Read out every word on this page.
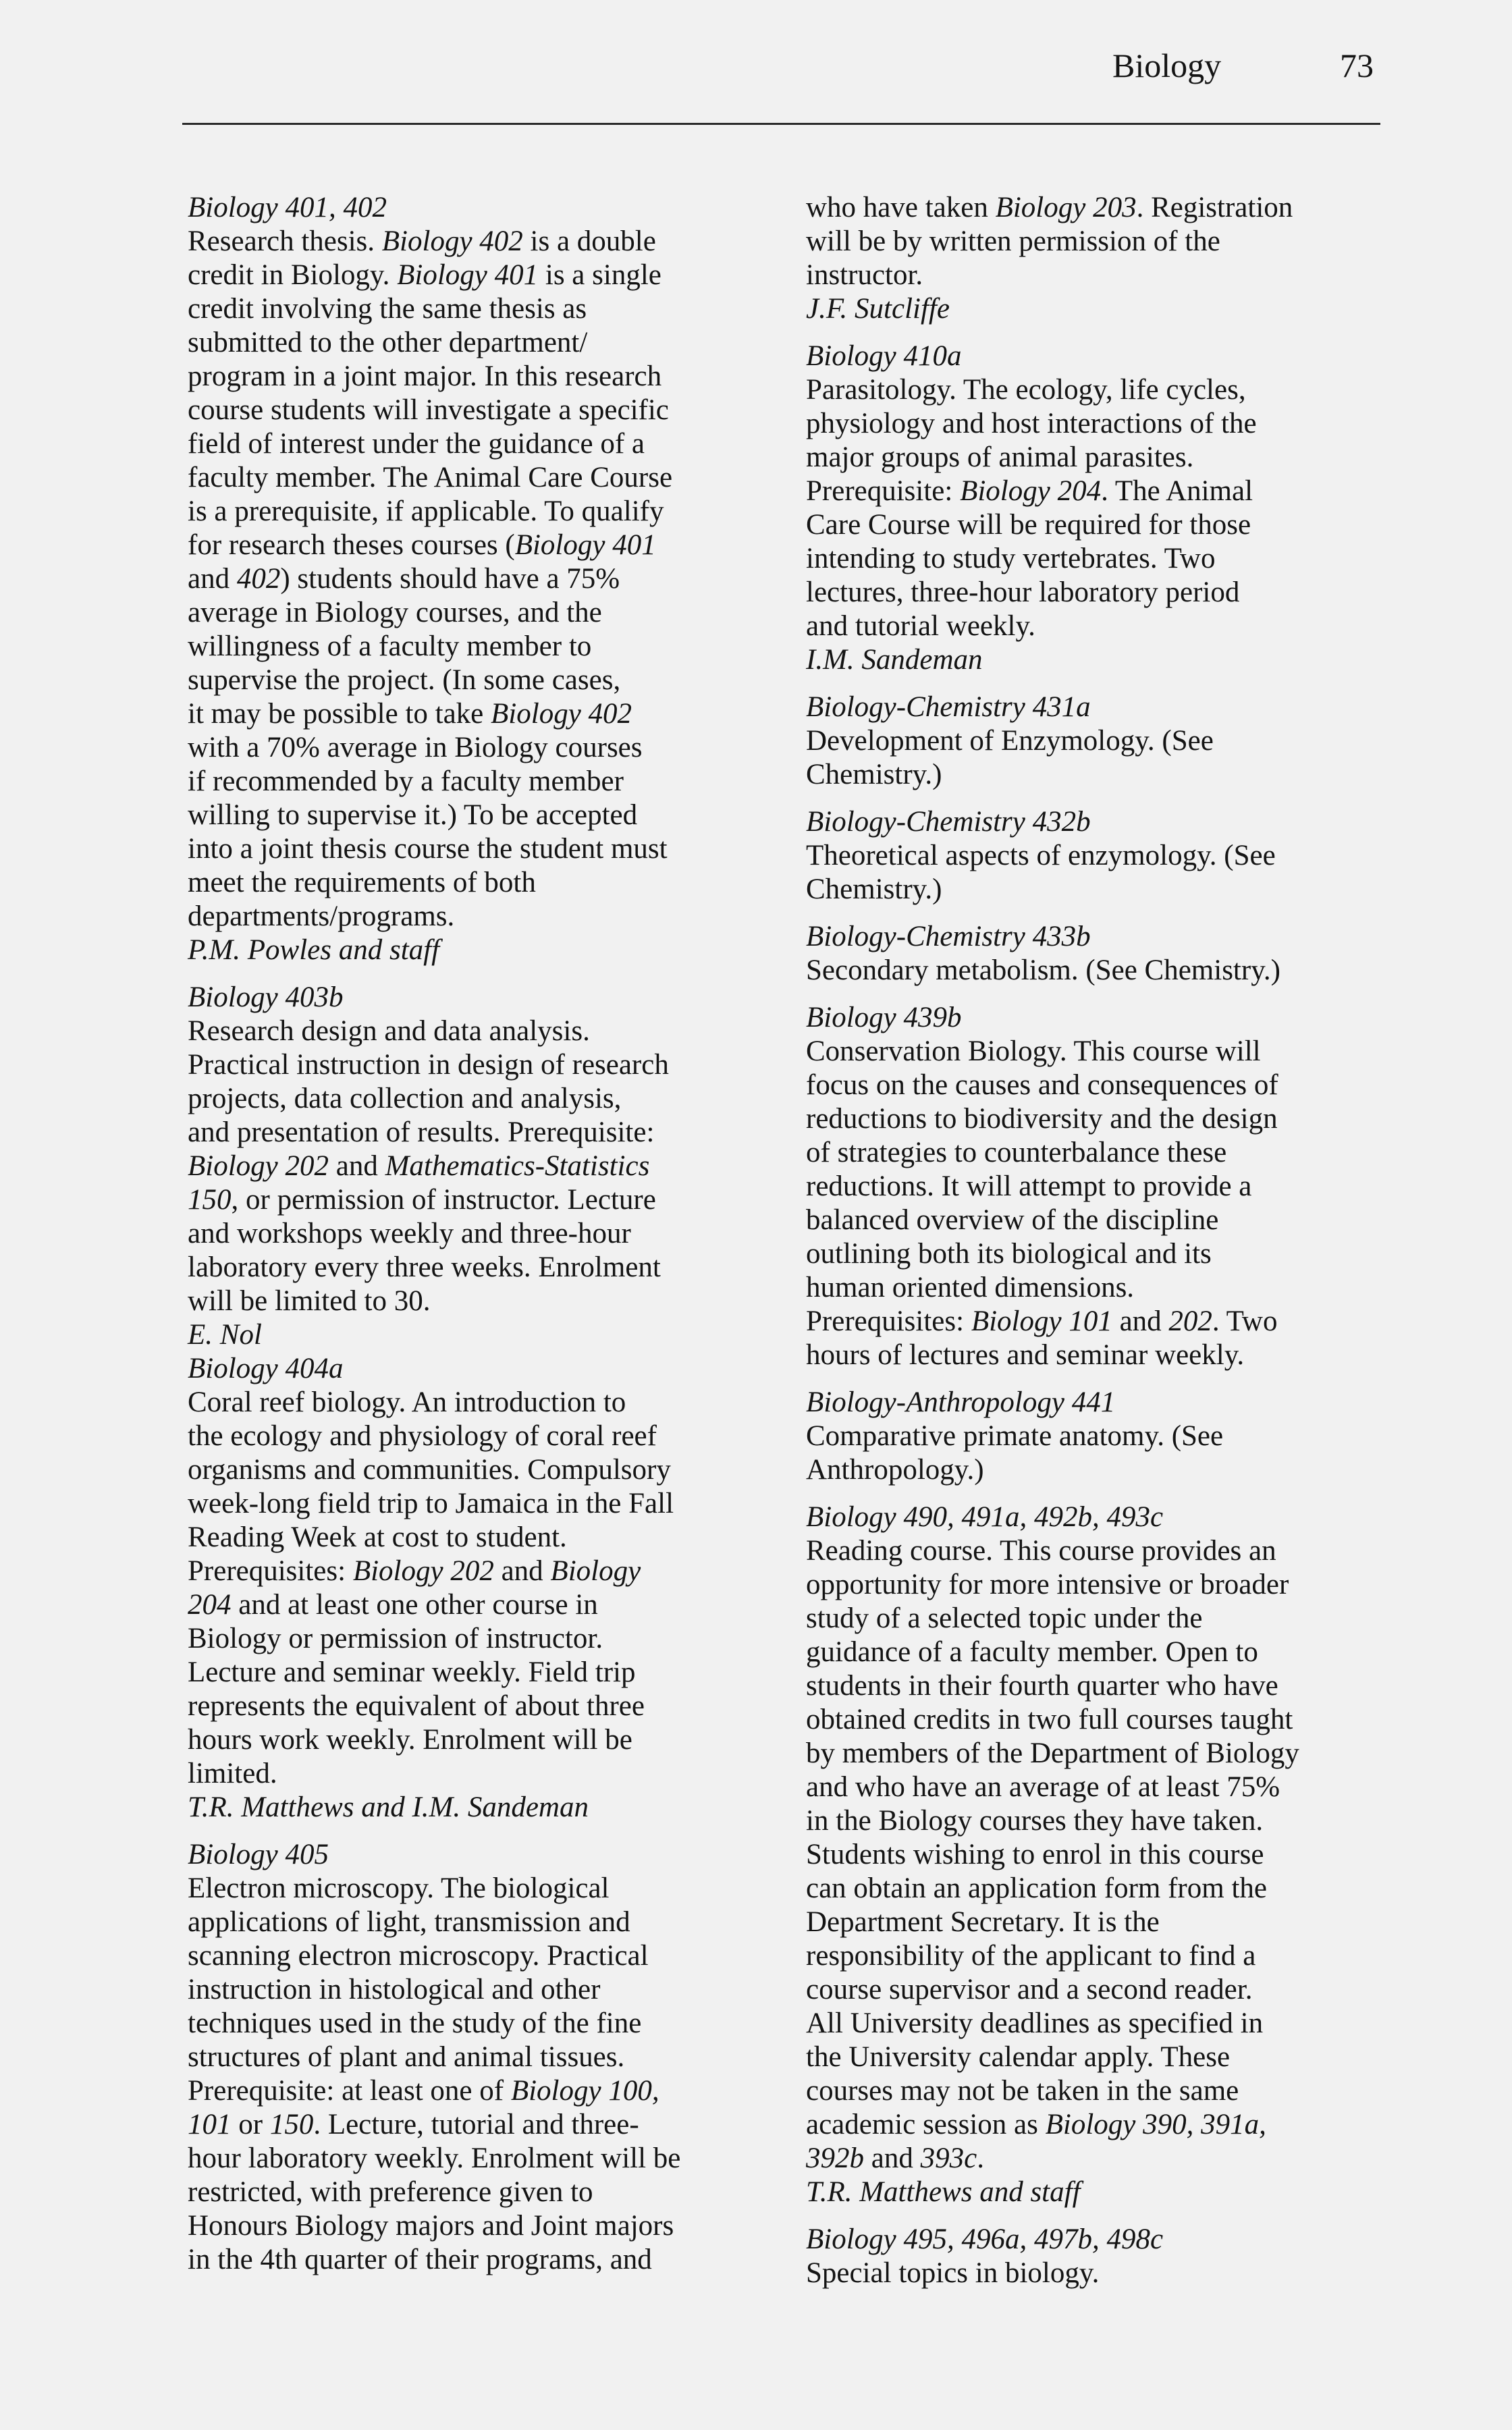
Biology	73
Biology 401, 402

Research thesis. Biology 402 is a double

credit in Biology. Biology 401 is a single

credit involving the same thesis as

submitted to the other department/

program in a joint major. In this research

course students will investigate a specific

field of interest under the guidance of a

faculty member. The Animal Care Course

is a prerequisite, if applicable. To qualify

for research theses courses (Biology 401

and 402) students should have a 75%

average in Biology courses, and the

willingness of a faculty member to

supervise the project. (In some cases,

it may be possible to take Biology 402

with a 70% average in Biology courses

if recommended by a faculty member

willing to supervise it.) To be accepted

into a joint thesis course the student must

meet the requirements of both

departments/programs.

P.M. Powles and staff
Biology 403b

Research design and data analysis.

Practical instruction in design of research

projects, data collection and analysis,

and presentation of results. Prerequisite:

Biology 202 and Mathematics-Statistics

150, or permission of instructor. Lecture

and workshops weekly and three-hour

laboratory every three weeks. Enrolment

will be limited to 30.

E. Nol
Biology 404a

Coral reef biology. An introduction to

the ecology and physiology of coral reef

organisms and communities. Compulsory

week-long field trip to Jamaica in the Fall

Reading Week at cost to student.

Prerequisites: Biology 202 and Biology

204 and at least one other course in

Biology or permission of instructor.

Lecture and seminar weekly. Field trip

represents the equivalent of about three

hours work weekly. Enrolment will be

limited.

T.R. Matthews and I.M. Sandeman
Biology 405

Electron microscopy. The biological

applications of light, transmission and

scanning electron microscopy. Practical

instruction in histological and other

techniques used in the study of the fine

structures of plant and animal tissues.

Prerequisite: at least one of Biology 100,

101 or 150. Lecture, tutorial and three-

hour laboratory weekly. Enrolment will be

restricted, with preference given to

Honours Biology majors and Joint majors

in the 4th quarter of their programs, and

who have taken Biology 203. Registration

will be by written permission of the

instructor.

J.F. Sutcliffe
Biology 410a

Parasitology. The ecology, life cycles,

physiology and host interactions of the

major groups of animal parasites.

Prerequisite: Biology 204. The Animal

Care Course will be required for those

intending to study vertebrates. Two

lectures, three-hour laboratory period

and tutorial weekly.

I.M. Sandeman
Biology-Chemistry 431a

Development of Enzymology. (See

Chemistry.)

Biology-Chemistry 432b

Theoretical aspects of enzymology. (See

Chemistry.)

Biology-Chemistry 433b

Secondary metabolism. (See Chemistry.)

Biology 439b

Conservation Biology. This course will

focus on the causes and consequences of

reductions to biodiversity and the design

of strategies to counterbalance these

reductions. It will attempt to provide a

balanced overview of the discipline

outlining both its biological and its

human oriented dimensions.

Prerequisites: Biology 101 and 202. Two

hours of lectures and seminar weekly.

Biology-Anthropology 441

Comparative primate anatomy. (See

Anthropology.)

Biology 490, 491a, 492b, 493c

Reading course. This course provides an

opportunity for more intensive or broader

study of a selected topic under the

guidance of a faculty member. Open to

students in their fourth quarter who have

obtained credits in two full courses taught

by members of the Department of Biology

and who have an average of at least 75%

in the Biology courses they have taken.

Students wishing to enrol in this course

can obtain an application form from the

Department Secretary. It is the

responsibility of the applicant to find a

course supervisor and a second reader.

All University deadlines as specified in

the University calendar apply. These

courses may not be taken in the same

academic session as Biology 390, 391a,

392b and 393c.

T.R. Matthews and staff
Biology 495, 496a, 497b, 498c

Special topics in biology.
